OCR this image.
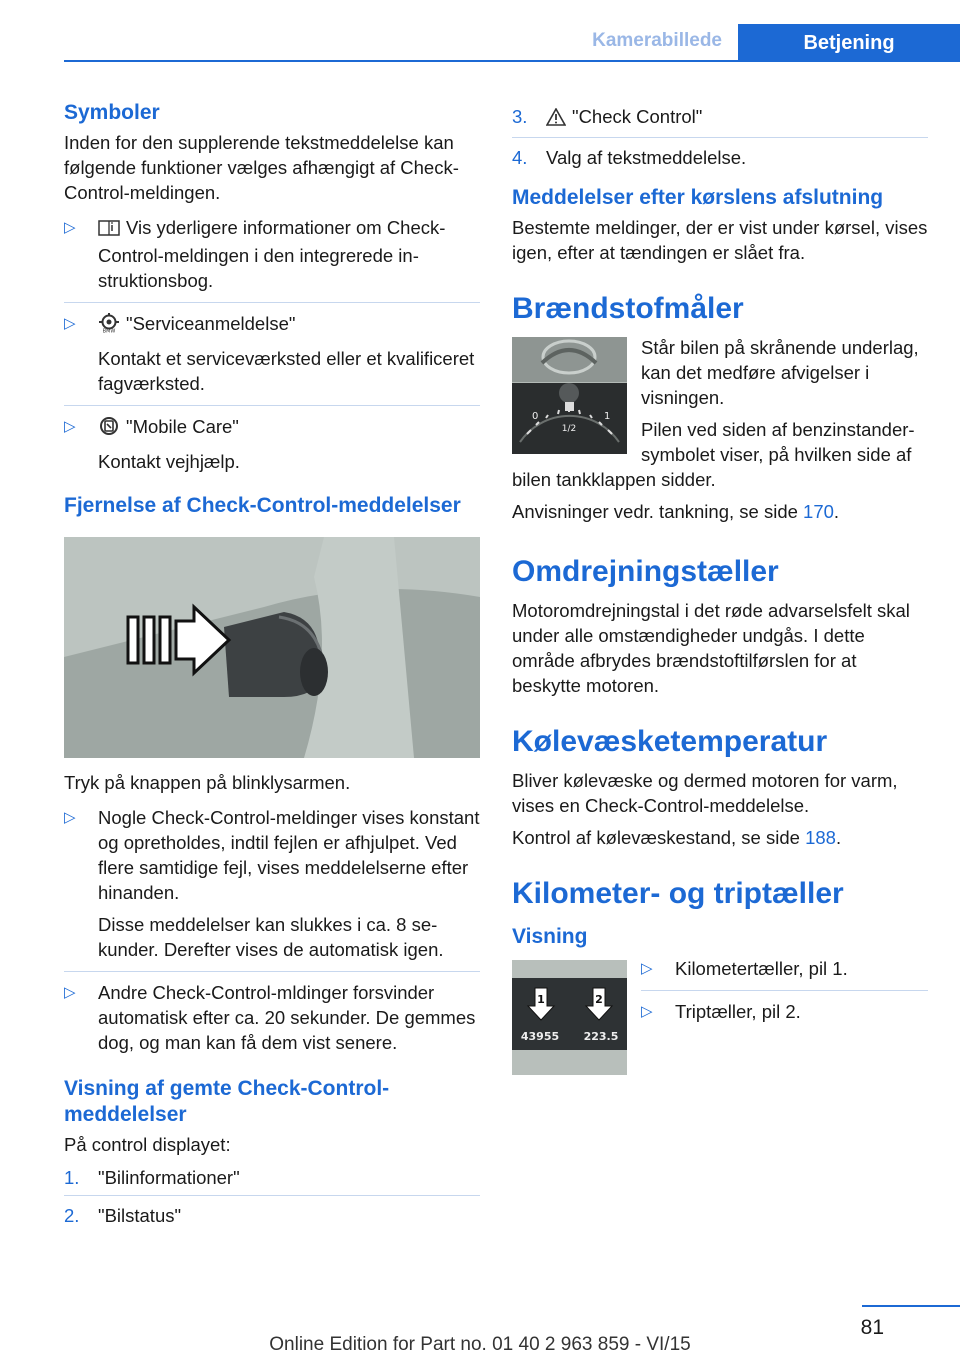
Kamerabillede	Betjening
Symboler

Inden for den supplerende tekstmeddelelse kan følgende funktioner vælges afhængigt af Check-Control-meldingen.

▷	Vis yderligere informationer om Check-Control-meldingen i den integrerede instruktionsbog.

▷	BMW "Serviceanmeldelse"

Kontakt et serviceværksted eller et kvalificeret fagværksted.

▷	"Mobile Care"

Kontakt vejhjælp.

Fjernelse af Check-Control-meddelelser

Tryk på knappen på blinklysarmen.

▷ Nogle Check-Control-meldinger vises konstant og opretholdes, indtil fejlen er afhjulpet. Ved flere samtidige fejl, vises meddelelserne efter hinanden.

Disse meddelelser kan slukkes i ca. 8 sekunder. Derefter vises de automatisk igen.

▷ Andre Check-Control-mldinger forsvinder automatisk efter ca. 20 sekunder. De gemmes dog, og man kan få dem vist senere.

Visning af gemte Check-Control-meddelelser

På control displayet:

1. "Bilinformationer"
2. "Bilstatus"
3. "Check Control"
4. Valg af tekstmeddelelse.
Meddelelser efter kørslens afslutning

Bestemte meldinger, der er vist under kørsel, vises igen, efter at tændingen er slået fra.

Brændstofmåler
0
1/2
1

Står bilen på skrånende underlag, kan det medføre afvigelser i visningen.

Pilen ved siden af benzinstander-symbolet viser, på hvilken side af bilen tankklappen sidder.

Anvisninger vedr. tankning, se side 170.

Omdrejningstæller

Motoromdrejningstal i det røde advarselsfelt skal under alle omstændigheder undgås. I dette område afbrydes brændstoftilførslen for at beskytte motoren.

Kølevæsketemperatur

Bliver kølevæske og dermed motoren for varm, vises en Check-Control-meddelelse.

Kontrol af kølevæskestand, se side 188.

Kilometer- og triptæller
Visning
1	2
43955 223.5
▷ Kilometertæller, pil 1.
▷ Triptæller, pil 2.
81
Online Edition for Part no. 01 40 2 963 859 - VI/15
